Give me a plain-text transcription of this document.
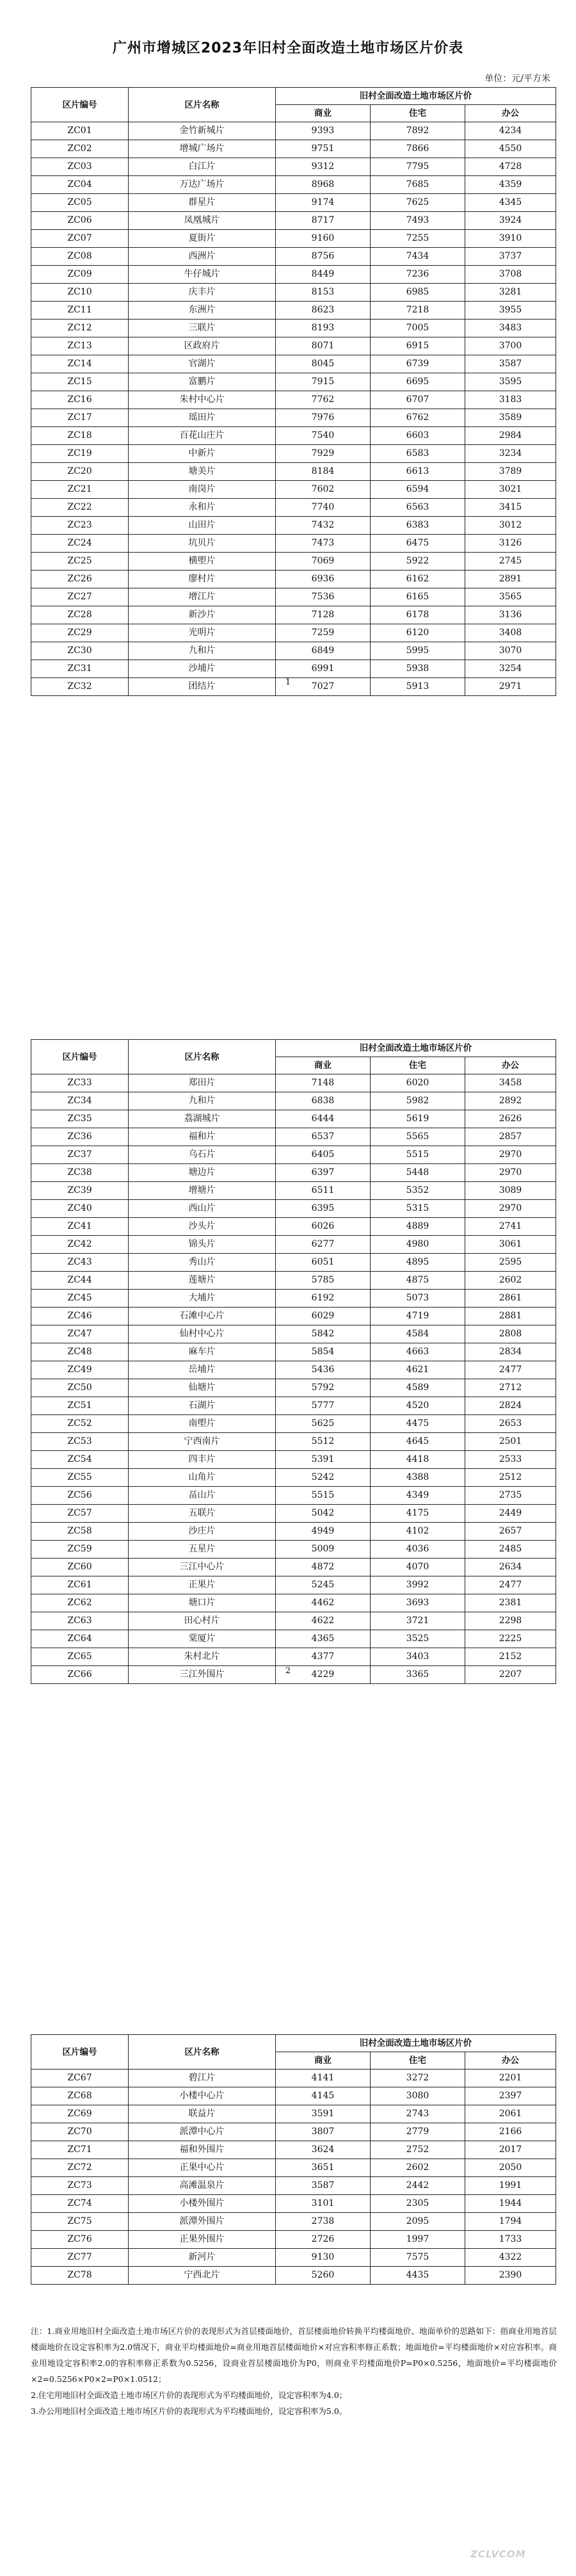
广州市增城区2023年旧村全面改造土地市场区片价表
单位：元/平方米
区片编号	区片名称	旧村全面改造土地市场区片价		
		商业	住宅	办公
ZC01	金竹新城片	9393	7892	4234
ZC02	增城广场片	9751	7866	4550
ZC03	白江片	9312	7795	4728
ZC04	万达广场片	8968	7685	4359
ZC05	群星片	9174	7625	4345
ZC06	凤凰城片	8717	7493	3924
ZC07	夏街片	9160	7255	3910
ZC08	西洲片	8756	7434	3737
ZC09	牛仔城片	8449	7236	3708
ZC10	庆丰片	8153	6985	3281
ZC11	东洲片	8623	7218	3955
ZC12	三联片	8193	7005	3483
ZC13	区政府片	8071	6915	3700
ZC14	官湖片	8045	6739	3587
ZC15	富鹏片	7915	6695	3595
ZC16	朱村中心片	7762	6707	3183
ZC17	瑶田片	7976	6762	3589
ZC18	百花山庄片	7540	6603	2984
ZC19	中新片	7929	6583	3234
ZC20	塘美片	8184	6613	3789
ZC21	南岗片	7602	6594	3021
ZC22	永和片	7740	6563	3415
ZC23	山田片	7432	6383	3012
ZC24	坑贝片	7473	6475	3126
ZC25	横塱片	7069	5922	2745
ZC26	廖村片	6936	6162	2891
ZC27	增江片	7536	6165	3565
ZC28	新沙片	7128	6178	3136
ZC29	光明片	7259	6120	3408
ZC30	九和片	6849	5995	3070
ZC31	沙埔片	6991	5938	3254
ZC32	团结片	7027	5913	2971
1
区片编号	区片名称	旧村全面改造土地市场区片价		
		商业	住宅	办公
ZC33	郑田片	7148	6020	3458
ZC34	九和片	6838	5982	2892
ZC35	荔湖城片	6444	5619	2626
ZC36	福和片	6537	5565	2857
ZC37	乌石片	6405	5515	2970
ZC38	塘边片	6397	5448	2970
ZC39	增塘片	6511	5352	3089
ZC40	西山片	6395	5315	2970
ZC41	沙头片	6026	4889	2741
ZC42	锦头片	6277	4980	3061
ZC43	秀山片	6051	4895	2595
ZC44	莲塘片	5785	4875	2602
ZC45	大埔片	6192	5073	2861
ZC46	石滩中心片	6029	4719	2881
ZC47	仙村中心片	5842	4584	2808
ZC48	麻车片	5854	4663	2834
ZC49	岳埔片	5436	4621	2477
ZC50	仙塘片	5792	4589	2712
ZC51	石湖片	5777	4520	2824
ZC52	南塱片	5625	4475	2653
ZC53	宁西南片	5512	4645	2501
ZC54	四丰片	5391	4418	2533
ZC55	山角片	5242	4388	2512
ZC56	畐山片	5515	4349	2735
ZC57	五联片	5042	4175	2449
ZC58	沙庄片	4949	4102	2657
ZC59	五星片	5009	4036	2485
ZC60	三江中心片	4872	4070	2634
ZC61	正果片	5245	3992	2477
ZC62	塘口片	4462	3693	2381
ZC63	田心村片	4622	3721	2298
ZC64	棠厦片	4365	3525	2225
ZC65	朱村北片	4377	3403	2152
ZC66	三江外围片	4229	3365	2207
2
区片编号	区片名称	旧村全面改造土地市场区片价		
		商业	住宅	办公
ZC67	碧江片	4141	3272	2201
ZC68	小楼中心片	4145	3080	2397
ZC69	联益片	3591	2743	2061
ZC70	派潭中心片	3807	2779	2166
ZC71	福和外围片	3624	2752	2017
ZC72	正果中心片	3651	2602	2050
ZC73	高滩温泉片	3587	2442	1991
ZC74	小楼外围片	3101	2305	1944
ZC75	派潭外围片	2738	2095	1794
ZC76	正果外围片	2726	1997	1733
ZC77	新河片	9130	7575	4322
ZC78	宁西北片	5260	4435	2390

注：1.商业用地旧村全面改造土地市场区片价的表现形式为首层楼面地价，首层楼面地价转换平均楼面地价、地面单价的思路如下：指商业用地首层楼面地价在设定容积率为2.0情况下，商业平均楼面地价=商业用地首层楼面地价×对应容积率修正系数；地面地价=平均楼面地价×对应容积率。商业用地设定容积率2.0的容积率修正系数为0.5256，设商业首层楼面地价为P0，则商业平均楼面地价P=P0×0.5256，地面地价=平均楼面地价×2=0.5256×P0×2=P0×1.0512；

2.住宅用地旧村全面改造土地市场区片价的表现形式为平均楼面地价，设定容积率为4.0；

3.办公用地旧村全面改造土地市场区片价的表现形式为平均楼面地价，设定容积率为5.0。

ZCLVCOM
